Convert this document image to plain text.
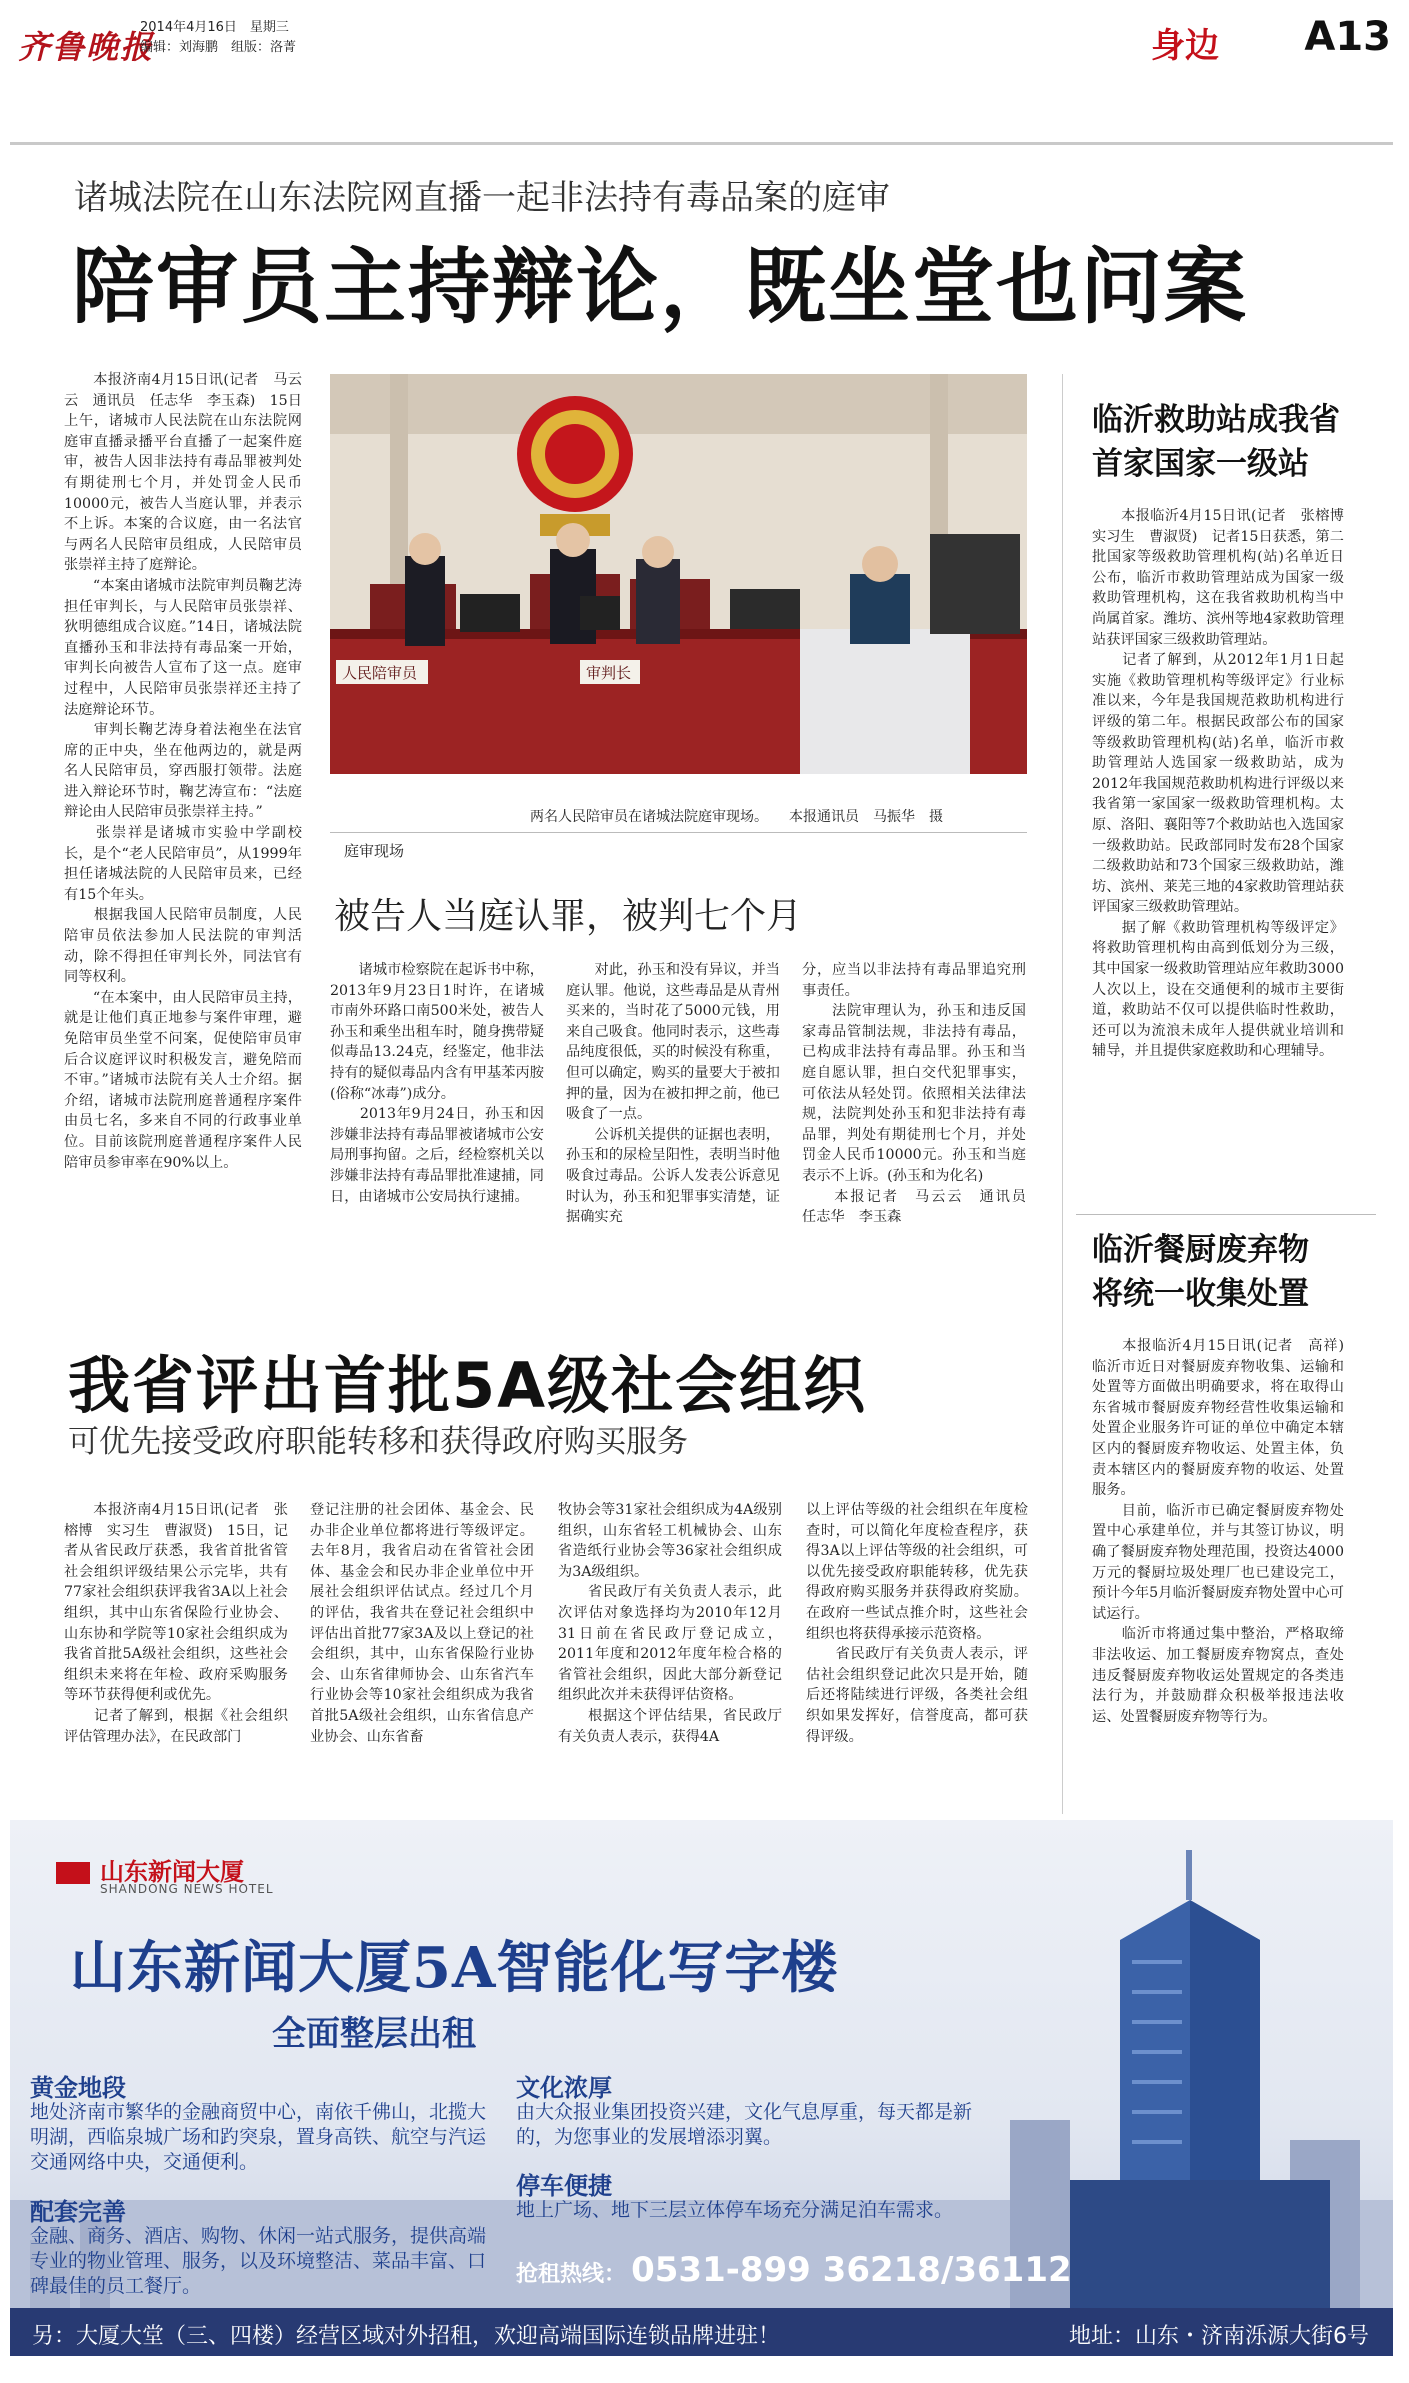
齐鲁晚报
2014年4月16日　星期三
编辑：刘海鹏　组版：洛菁	身边 A13
诸城法院在山东法院网直播一起非法持有毒品案的庭审
陪审员主持辩论，既坐堂也问案
　　本报济南4月15日讯(记者　马云云　通讯员　任志华　李玉森)　15日上午，诸城市人民法院在山东法院网庭审直播录播平台直播了一起案件庭审，被告人因非法持有毒品罪被判处有期徒刑七个月，并处罚金人民币10000元，被告人当庭认罪，并表示不上诉。本案的合议庭，由一名法官与两名人民陪审员组成，人民陪审员张崇祥主持了庭辩论。
　　“本案由诸城市法院审判员鞠艺涛担任审判长，与人民陪审员张崇祥、狄明德组成合议庭。”14日，诸城法院直播孙玉和非法持有毒品案一开始，审判长向被告人宣布了这一点。庭审过程中，人民陪审员张崇祥还主持了法庭辩论环节。
　　审判长鞠艺涛身着法袍坐在法官席的正中央，坐在他两边的，就是两名人民陪审员，穿西服打领带。法庭进入辩论环节时，鞠艺涛宣布：“法庭辩论由人民陪审员张崇祥主持。”
　　张崇祥是诸城市实验中学副校长，是个“老人民陪审员”，从1999年担任诸城法院的人民陪审员来，已经有15个年头。
　　根据我国人民陪审员制度，人民陪审员依法参加人民法院的审判活动，除不得担任审判长外，同法官有同等权利。
　　“在本案中，由人民陪审员主持，就是让他们真正地参与案件审理，避免陪审员坐堂不问案，促使陪审员审后合议庭评议时积极发言，避免陪而不审。”诸城市法院有关人士介绍。据介绍，诸城市法院刑庭普通程序案件由员七名，多来自不同的行政事业单位。目前该院刑庭普通程序案件人民陪审员参审率在90%以上。
人民陪审员	审判长
两名人民陪审员在诸城法院庭审现场。　　本报通讯员　马振华　摄
庭审现场
被告人当庭认罪，被判七个月
　　诸城市检察院在起诉书中称，2013年9月23日1时许，在诸城市南外环路口南500米处，被告人孙玉和乘坐出租车时，随身携带疑似毒品13.24克，经鉴定，他非法持有的疑似毒品内含有甲基苯丙胺(俗称“冰毒”)成分。
　　2013年9月24日，孙玉和因涉嫌非法持有毒品罪被诸城市公安局刑事拘留。之后，经检察机关以涉嫌非法持有毒品罪批准逮捕，同日，由诸城市公安局执行逮捕。
　　对此，孙玉和没有异议，并当庭认罪。他说，这些毒品是从青州买来的，当时花了5000元钱，用来自己吸食。他同时表示，这些毒品纯度很低，买的时候没有称重，但可以确定，购买的量要大于被扣押的量，因为在被扣押之前，他已吸食了一点。
　　公诉机关提供的证据也表明，孙玉和的尿检呈阳性，表明当时他吸食过毒品。公诉人发表公诉意见时认为，孙玉和犯罪事实清楚，证据确实充
分，应当以非法持有毒品罪追究刑事责任。
　　法院审理认为，孙玉和违反国家毒品管制法规，非法持有毒品，已构成非法持有毒品罪。孙玉和当庭自愿认罪，担白交代犯罪事实，可依法从轻处罚。依照相关法律法规，法院判处孙玉和犯非法持有毒品罪，判处有期徒刑七个月，并处罚金人民币10000元。孙玉和当庭表示不上诉。(孙玉和为化名)
　　本报记者　马云云　通讯员　任志华　李玉森
临沂救助站成我省
首家国家一级站
　　本报临沂4月15日讯(记者　张榕博　实习生　曹淑贤)　记者15日获悉，第二批国家等级救助管理机构(站)名单近日公布，临沂市救助管理站成为国家一级救助管理机构，这在我省救助机构当中尚属首家。潍坊、滨州等地4家救助管理站获评国家三级救助管理站。
　　记者了解到，从2012年1月1日起实施《救助管理机构等级评定》行业标准以来，今年是我国规范救助机构进行评级的第二年。根据民政部公布的国家等级救助管理机构(站)名单，临沂市救助管理站人选国家一级救助站，成为2012年我国规范救助机构进行评级以来我省第一家国家一级救助管理机构。太原、洛阳、襄阳等7个救助站也入选国家一级救助站。民政部同时发布28个国家二级救助站和73个国家三级救助站，潍坊、滨州、莱芜三地的4家救助管理站获评国家三级救助管理站。
　　据了解《救助管理机构等级评定》将救助管理机构由高到低划分为三级，其中国家一级救助管理站应年救助3000人次以上，设在交通便利的城市主要街道，救助站不仅可以提供临时性救助，还可以为流浪未成年人提供就业培训和辅导，并且提供家庭救助和心理辅导。
临沂餐厨废弃物
将统一收集处置
　　本报临沂4月15日讯(记者　高祥)　临沂市近日对餐厨废弃物收集、运输和处置等方面做出明确要求，将在取得山东省城市餐厨废弃物经营性收集运输和处置企业服务许可证的单位中确定本辖区内的餐厨废弃物收运、处置主体，负责本辖区内的餐厨废弃物的收运、处置服务。
　　目前，临沂市已确定餐厨废弃物处置中心承建单位，并与其签订协议，明确了餐厨废弃物处理范围，投资达4000万元的餐厨垃圾处理厂也已建设完工，预计今年5月临沂餐厨废弃物处置中心可试运行。
　　临沂市将通过集中整治，严格取缔非法收运、加工餐厨废弃物窝点，查处违反餐厨废弃物收运处置规定的各类违法行为，并鼓励群众积极举报违法收运、处置餐厨废弃物等行为。
我省评出首批5A级社会组织
可优先接受政府职能转移和获得政府购买服务
　　本报济南4月15日讯(记者　张榕博　实习生　曹淑贤)　15日，记者从省民政厅获悉，我省首批省管社会组织评级结果公示完毕，共有77家社会组织获评我省3A以上社会组织，其中山东省保险行业协会、山东协和学院等10家社会组织成为我省首批5A级社会组织，这些社会组织未来将在年检、政府采购服务等环节获得便利或优先。
　　记者了解到，根据《社会组织评估管理办法》，在民政部门
登记注册的社会团体、基金会、民办非企业单位都将进行等级评定。去年8月，我省启动在省管社会团体、基金会和民办非企业单位中开展社会组织评估试点。经过几个月的评估，我省共在登记社会组织中评估出首批77家3A及以上登记的社会组织，其中，山东省保险行业协会、山东省律师协会、山东省汽车行业协会等10家社会组织成为我省首批5A级社会组织，山东省信息产业协会、山东省畜
牧协会等31家社会组织成为4A级别组织，山东省轻工机械协会、山东省造纸行业协会等36家社会组织成为3A级组织。
　　省民政厅有关负责人表示，此次评估对象选择均为2010年12月31日前在省民政厅登记成立，2011年度和2012年度年检合格的省管社会组织，因此大部分新登记组织此次并未获得评估资格。
　　根据这个评估结果，省民政厅有关负责人表示，获得4A
以上评估等级的社会组织在年度检查时，可以简化年度检查程序，获得3A以上评估等级的社会组织，可以优先接受政府职能转移，优先获得政府购买服务并获得政府奖励。在政府一些试点推介时，这些社会组织也将获得承接示范资格。
　　省民政厅有关负责人表示，评估社会组织登记此次只是开始，随后还将陆续进行评级，各类社会组织如果发挥好，信誉度高，都可获得评级。
山东新闻大厦
SHANDONG NEWS HOTEL
山东新闻大厦5A智能化写字楼
全面整层出租
黄金地段
地处济南市繁华的金融商贸中心，南依千佛山，北揽大明湖，西临泉城广场和趵突泉，置身高铁、航空与汽运交通网络中央，交通便利。
配套完善
金融、商务、酒店、购物、休闲一站式服务，提供高端专业的物业管理、服务，以及环境整洁、菜品丰富、口碑最佳的员工餐厅。
文化浓厚
由大众报业集团投资兴建，文化气息厚重，每天都是新的，为您事业的发展增添羽翼。
停车便捷
地上广场、地下三层立体停车场充分满足泊车需求。
抢租热线： 0531-899 36218/36112
另：大厦大堂（三、四楼）经营区域对外招租，欢迎高端国际连锁品牌进驻！	地址：山东・济南泺源大街6号
